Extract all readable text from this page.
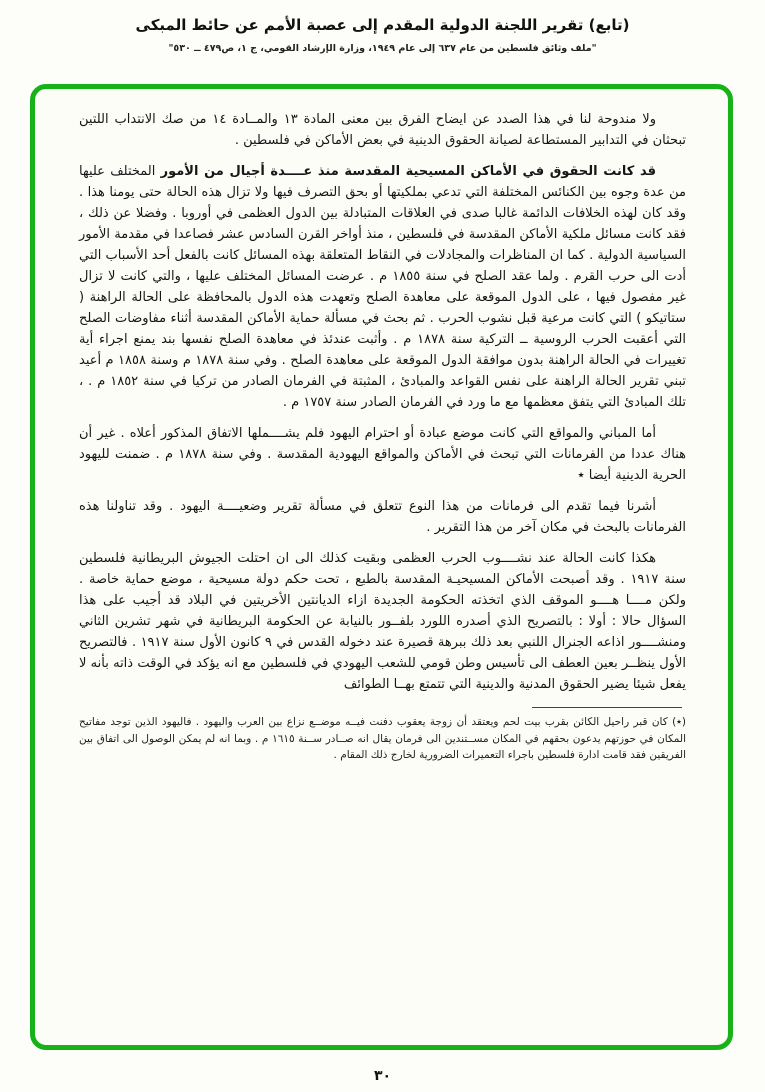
(تابع) تقرير اللجنة الدولية المقدم إلى عصبة الأمم عن حائط المبكى
"ملف وثائق فلسطين من عام ٦٣٧ إلى عام ١٩٤٩، وزارة الإرشاد القومي، ج ١، ص٤٧٩ ــ ٥٣٠"

ولا مندوحة لنا في هذا الصدد عن ايضاح الفرق بين معنى المادة ١٣ والمــادة ١٤ من صك الانتداب اللتين تبحثان في التدابير المستطاعة لصيانة الحقوق الدينية في بعض الأماكن في فلسطين .

قد كانت الحقوق في الأماكن المسيحية المقدسة منذ عــــدة أجيال من الأمور المختلف عليها من عدة وجوه بين الكنائس المختلفة التي تدعي بملكيتها أو بحق التصرف فيها ولا تزال هذه الحالة حتى يومنا هذا . وقد كان لهذه الخلافات الدائمة غالبا صدى في العلاقات المتبادلة بين الدول العظمى في أوروبا . وفضلا عن ذلك ، فقد كانت مسائل ملكية الأماكن المقدسة في فلسطين ، منذ أواخر القرن السادس عشر فصاعدا في مقدمة الأمور السياسية الدولية . كما ان المناظرات والمجادلات في النقاط المتعلقة بهذه المسائل كانت بالفعل أحد الأسباب التي أدت الى حرب القرم . ولما عقد الصلح في سنة ١٨٥٥ م . عرضت المسائل المختلف عليها ، والتي كانت لا تزال غير مفصول فيها ، على الدول الموقعة على معاهدة الصلح وتعهدت هذه الدول بالمحافظة على الحالة الراهنة ( ستاتيكو ) التي كانت مرعية قبل نشوب الحرب . ثم بحث في مسألة حماية الأماكن المقدسة أثناء مفاوضات الصلح التي أعقبت الحرب الروسية ــ التركية سنة ١٨٧٨ م . وأثبت عندئذ في معاهدة الصلح نفسها بند يمنع اجراء أية تغييرات في الحالة الراهنة بدون موافقة الدول الموقعة على معاهدة الصلح . وفي سنة ١٨٧٨ م وسنة ١٨٥٨ م أعيد تبني تقرير الحالة الراهنة على نفس القواعد والمبادئ ، المثبتة في الفرمان الصادر من تركيا في سنة ١٨٥٢ م . ، تلك المبادئ التي يتفق معظمها مع ما ورد في الفرمان الصادر سنة ١٧٥٧ م .

أما المباني والمواقع التي كانت موضع عبادة أو احترام اليهود فلم يشــــملها الاتفاق المذكور أعلاه . غير أن هناك عددا من الفرمانات التي تبحث في الأماكن والمواقع اليهودية المقدسة . وفي سنة ١٨٧٨ م . ضمنت لليهود الحرية الدينية أيضا ٭

أشرنا فيما تقدم الى فرمانات من هذا النوع تتعلق في مسألة تقرير وضعيــــة اليهود . وقد تناولنا هذه الفرمانات بالبحث في مكان آخر من هذا التقرير .

هكذا كانت الحالة عند نشــــوب الحرب العظمى وبقيت كذلك الى ان احتلت الجيوش البريطانية فلسطين سنة ١٩١٧ . وقد أصبحت الأماكن المسيحيـة المقدسة بالطبع ، تحت حكم دولة مسيحية ، موضع حماية خاصة . ولكن مــــا هــــو الموقف الذي اتخذته الحكومة الجديدة ازاء الديانتين الأخريتين في البلاد قد أجيب على هذا السؤال حالا : أولا : بالتصريح الذي أصدره اللورد بلفــور بالنيابة عن الحكومة البريطانية في شهر تشرين الثاني ومنشــــور اذاعه الجنرال اللنبي بعد ذلك ببرهة قصيرة عند دخوله القدس في ٩ كانون الأول سنة ١٩١٧ . فالتصريح الأول ينظــر بعين العطف الى تأسيس وطن قومي للشعب اليهودي في فلسطين مع انه يؤكد في الوقت ذاته بأنه لا يفعل شيئا يضير الحقوق المدنية والدينية التي تتمتع بهــا الطوائف

(٭) كان قبر راحيل الكائن بقرب بيت لحم ويعتقد أن زوجة يعقوب دفنت فيــه موضــع نزاع بين العرب واليهود . فاليهود الذين توجد مفاتيح المكان في حوزتهم يدعون بحقهم في المكان مســتندين الى فرمان يقال انه صــادر ســنة ١٦١٥ م . وبما انه لم يمكن الوصول الى اتفاق بين الفريقين فقد قامت ادارة فلسطين باجراء التعميرات الضرورية لخارج ذلك المقام .

٣٠
